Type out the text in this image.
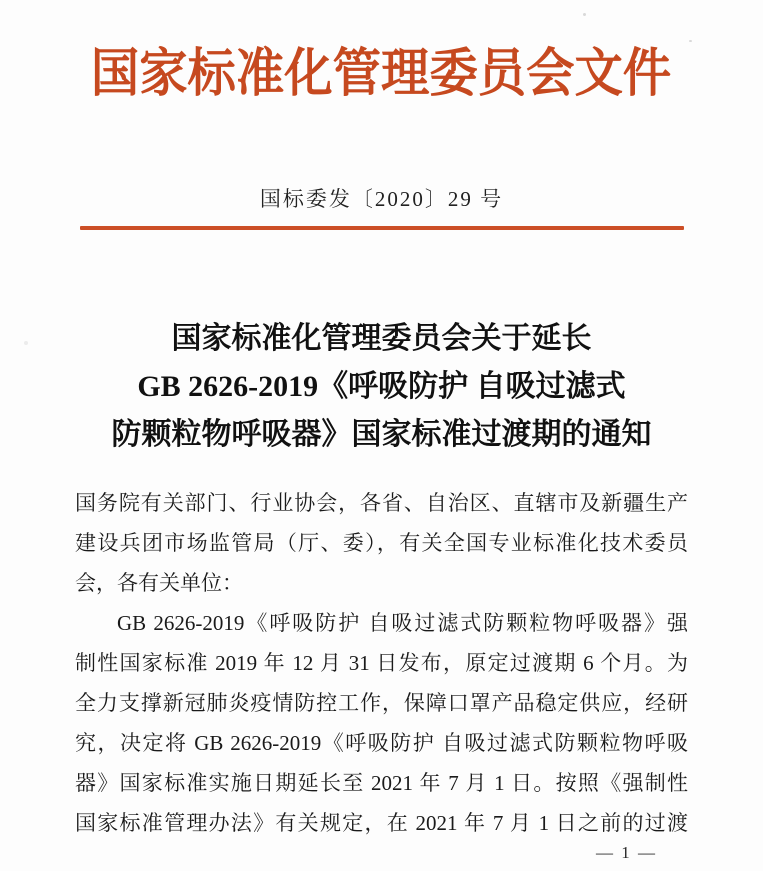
国家标准化管理委员会文件
国标委发〔2020〕29 号
国家标准化管理委员会关于延长
GB 2626-2019《呼吸防护 自吸过滤式
防颗粒物呼吸器》国家标准过渡期的通知
国务院有关部门、行业协会，各省、自治区、直辖市及新疆生产
建设兵团市场监管局（厅、委），有关全国专业标准化技术委员
会，各有关单位：
GB 2626-2019《呼吸防护 自吸过滤式防颗粒物呼吸器》强
制性国家标准 2019 年 12 月 31 日发布，原定过渡期 6 个月。为
全力支撑新冠肺炎疫情防控工作，保障口罩产品稳定供应，经研
究，决定将 GB 2626-2019《呼吸防护 自吸过滤式防颗粒物呼吸
器》国家标准实施日期延长至 2021 年 7 月 1 日。按照《强制性
国家标准管理办法》有关规定，在 2021 年 7 月 1 日之前的过渡
— 1 —
